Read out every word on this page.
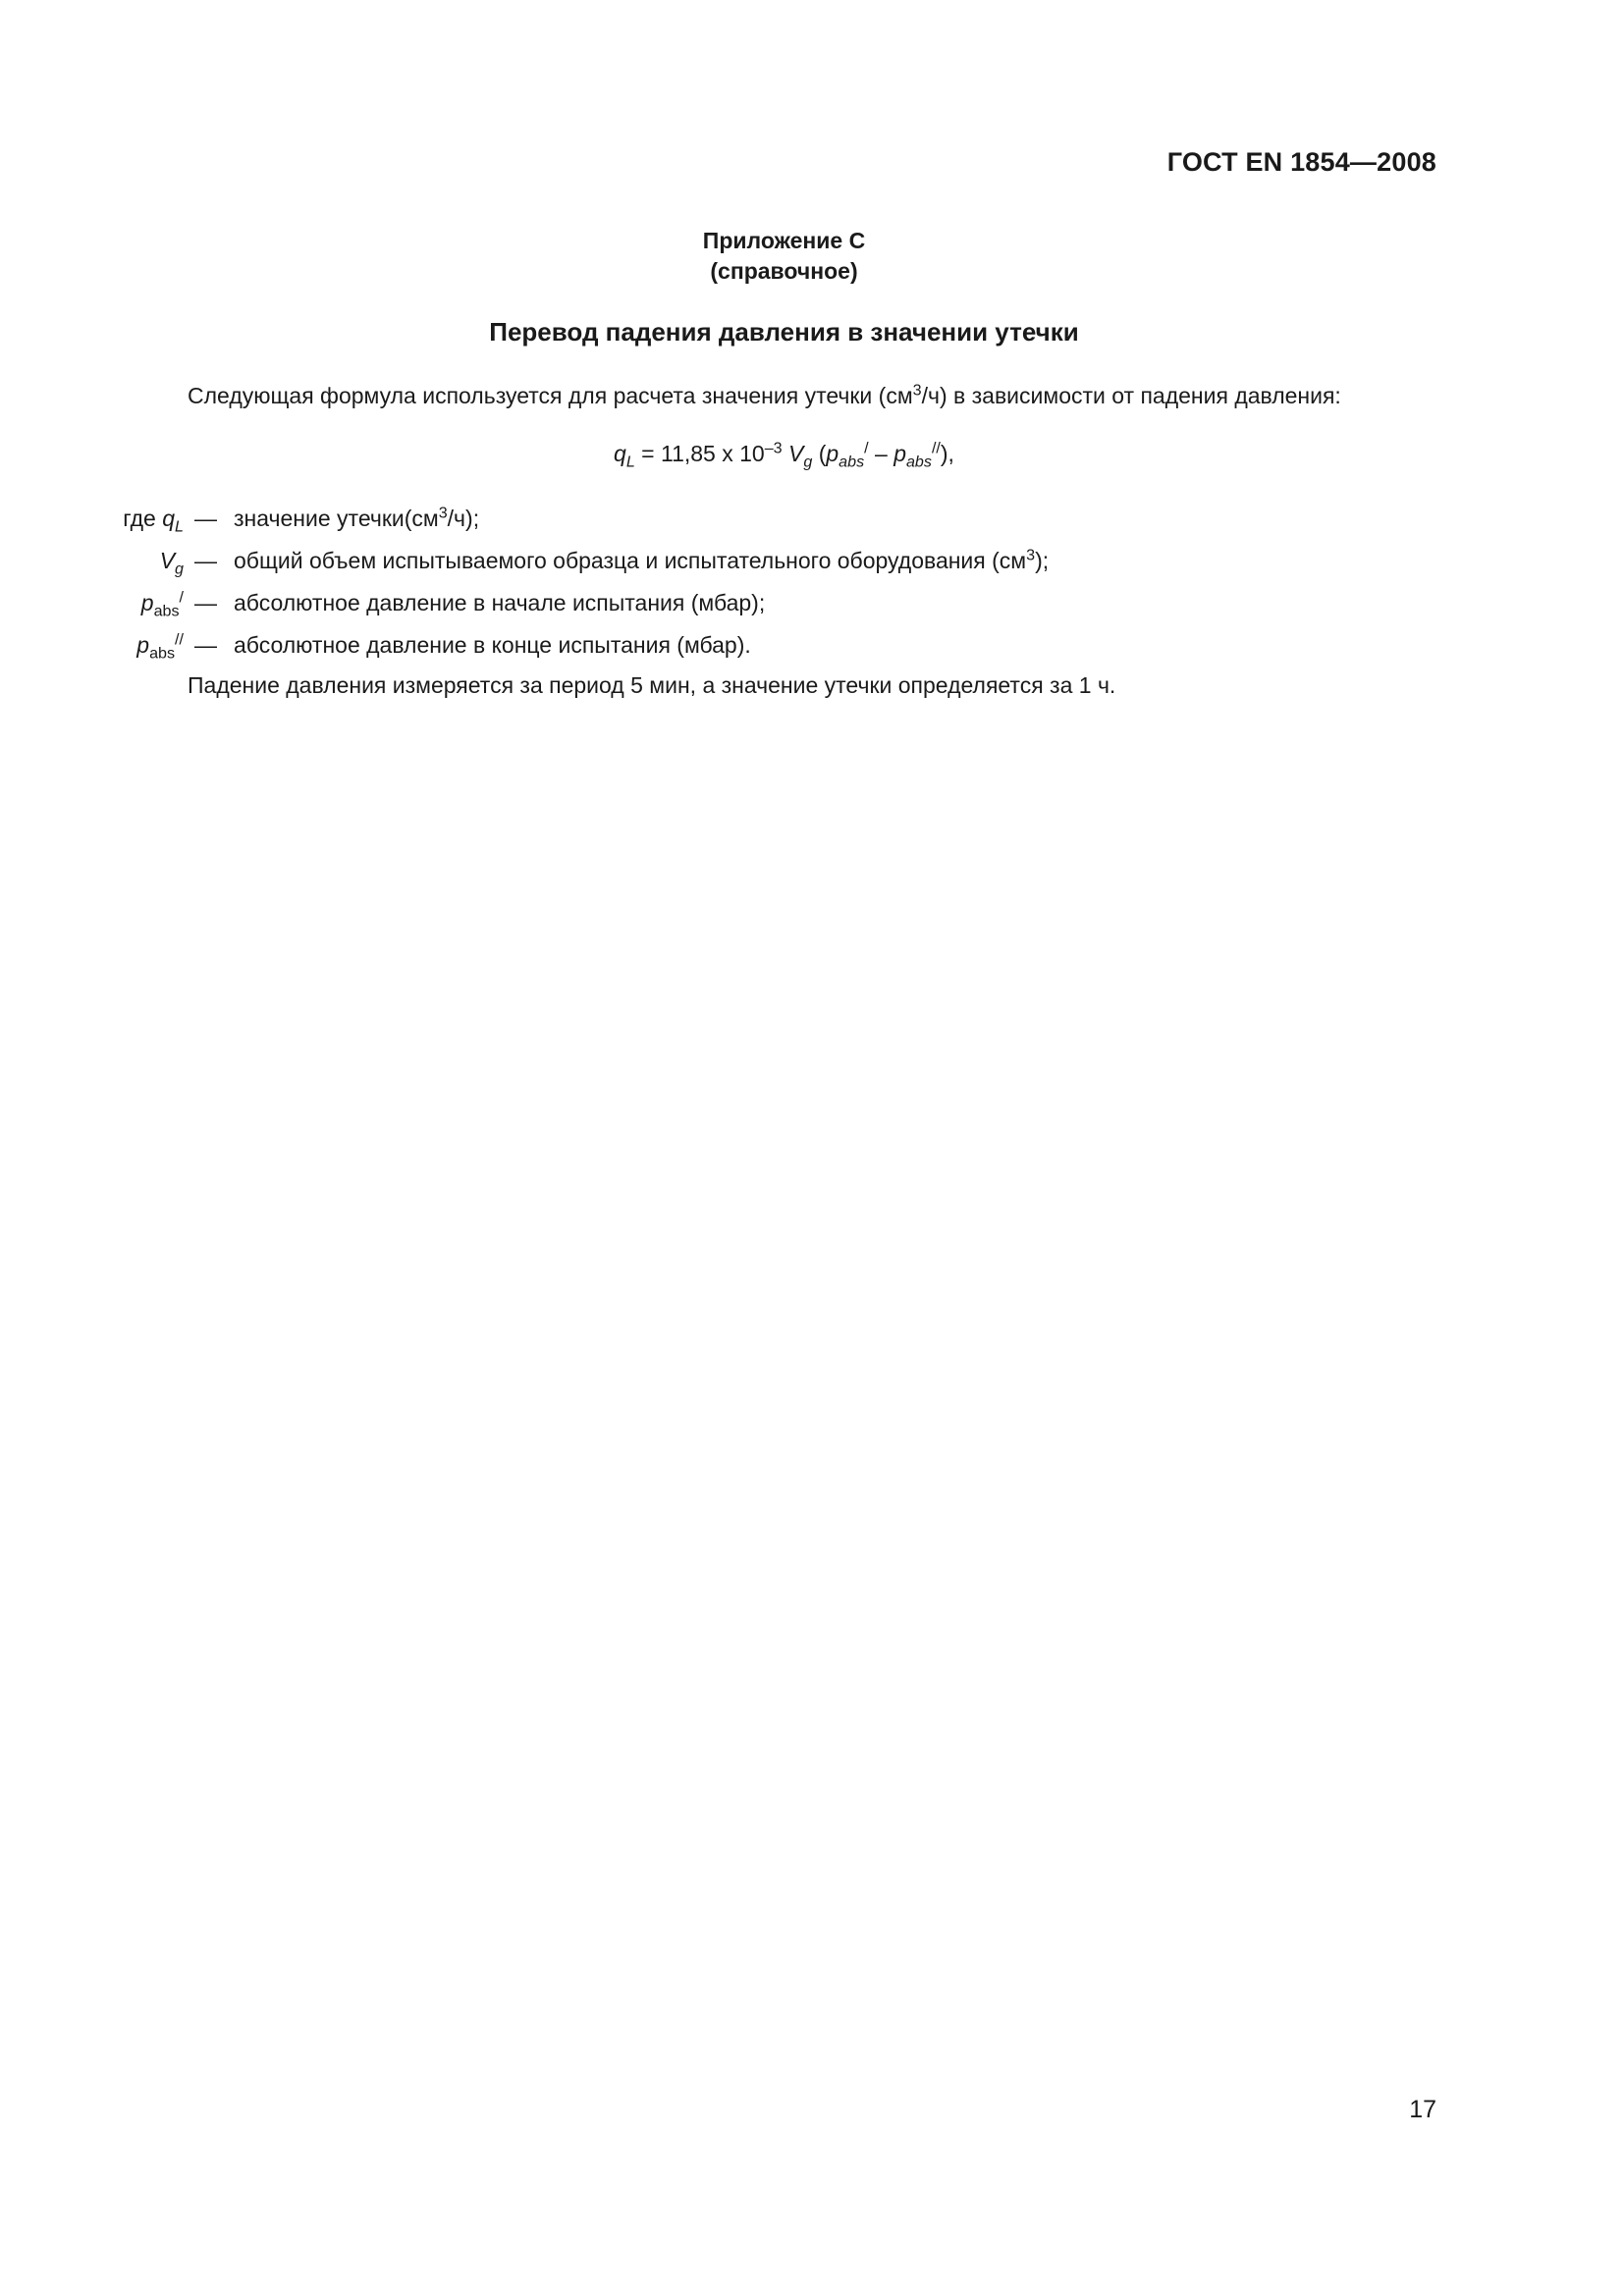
ГОСТ EN 1854—2008
Приложение C
(справочное)
Перевод падения давления в значении утечки

Следующая формула используется для расчета значения утечки $(см^3/ч)$ в зависимости от падения давления:

$q_L = 11,85$ x $10^{-3}$ $V_g$ $(p_{abs}^/ - p_{abs}^{//})$,
где $q_L$ — значение $утечки(см^3/ч)$;
$V_g$ — общий объем испытываемого образца и испытательного оборудования $(см^3)$;
$p_{abs}^/$ — абсолютное давление в начале испытания (мбар);
$p_{abs}^{//}$ — абсолютное давление в конце испытания (мбар).

Падение давления измеряется за период 5 мин, а значение утечки определяется за 1 ч.

17
